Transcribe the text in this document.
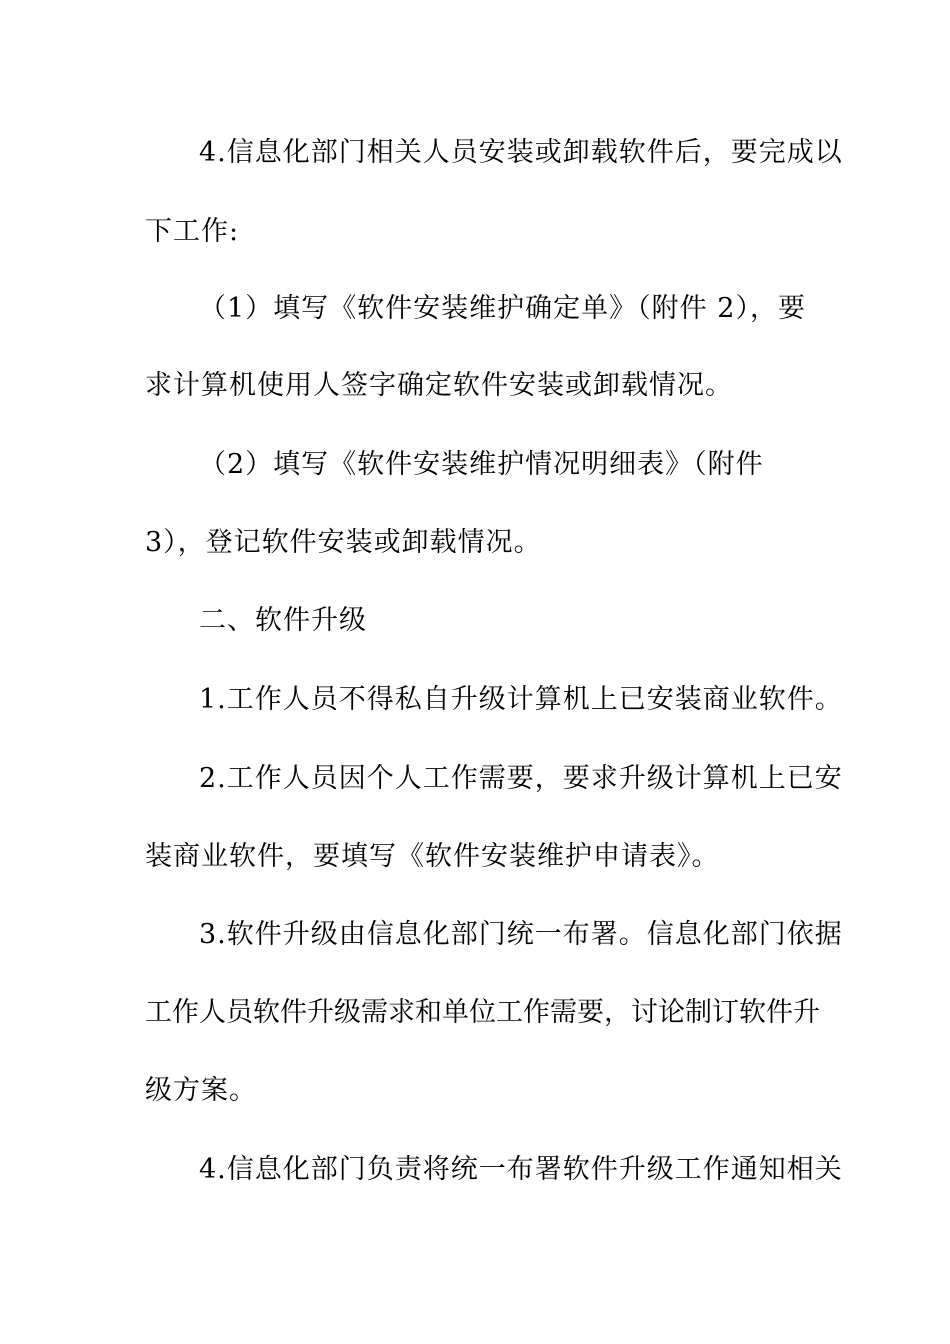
4.信息化部门相关人员安装或卸载软件后，要完成以
下工作:
（1）填写《软件安装维护确定单》（附件 2），要
求计算机使用人签字确定软件安装或卸载情况。
（2）填写《软件安装维护情况明细表》（附件
3），登记软件安装或卸载情况。
二、软件升级
1.工作人员不得私自升级计算机上已安装商业软件。
2.工作人员因个人工作需要，要求升级计算机上已安
装商业软件，要填写《软件安装维护申请表》。
3.软件升级由信息化部门统一布署。信息化部门依据
工作人员软件升级需求和单位工作需要，讨论制订软件升
级方案。
4.信息化部门负责将统一布署软件升级工作通知相关
